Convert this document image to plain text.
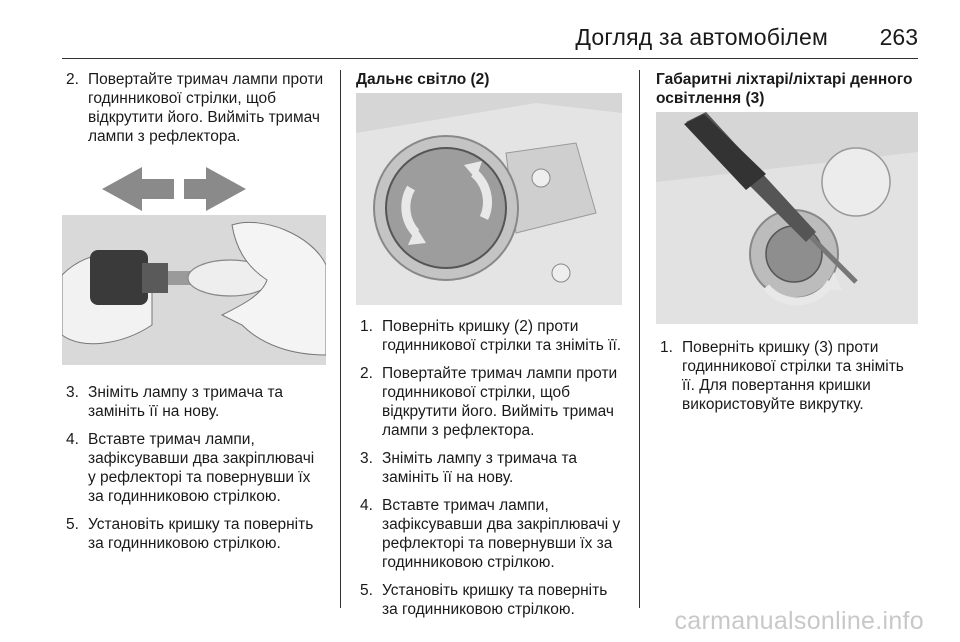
Догляд за автомобілем 263
2. Повертайте тримач лампи проти годинникової стрілки, щоб відкрутити його. Вийміть тримач лампи з рефлектора.
3. Зніміть лампу з тримача та замініть її на нову.
4. Вставте тримач лампи, зафіксувавши два закріплювачі у рефлекторі та повернувши їх за годинниковою стрілкою.
5. Установіть кришку та поверніть за годинниковою стрілкою.
Дальнє світло (2)
1. Поверніть кришку (2) проти годинникової стрілки та зніміть її.
2. Повертайте тримач лампи проти годинникової стрілки, щоб відкрутити його. Вийміть тримач лампи з рефлектора.
3. Зніміть лампу з тримача та замініть її на нову.
4. Вставте тримач лампи, зафіксувавши два закріплювачі у рефлекторі та повернувши їх за годинниковою стрілкою.
5. Установіть кришку та поверніть за годинниковою стрілкою.
Габаритні ліхтарі/ліхтарі денного освітлення (3)
1. Поверніть кришку (3) проти годинникової стрілки та зніміть її. Для повертання кришки використовуйте викрутку.
carmanualsonline.info
